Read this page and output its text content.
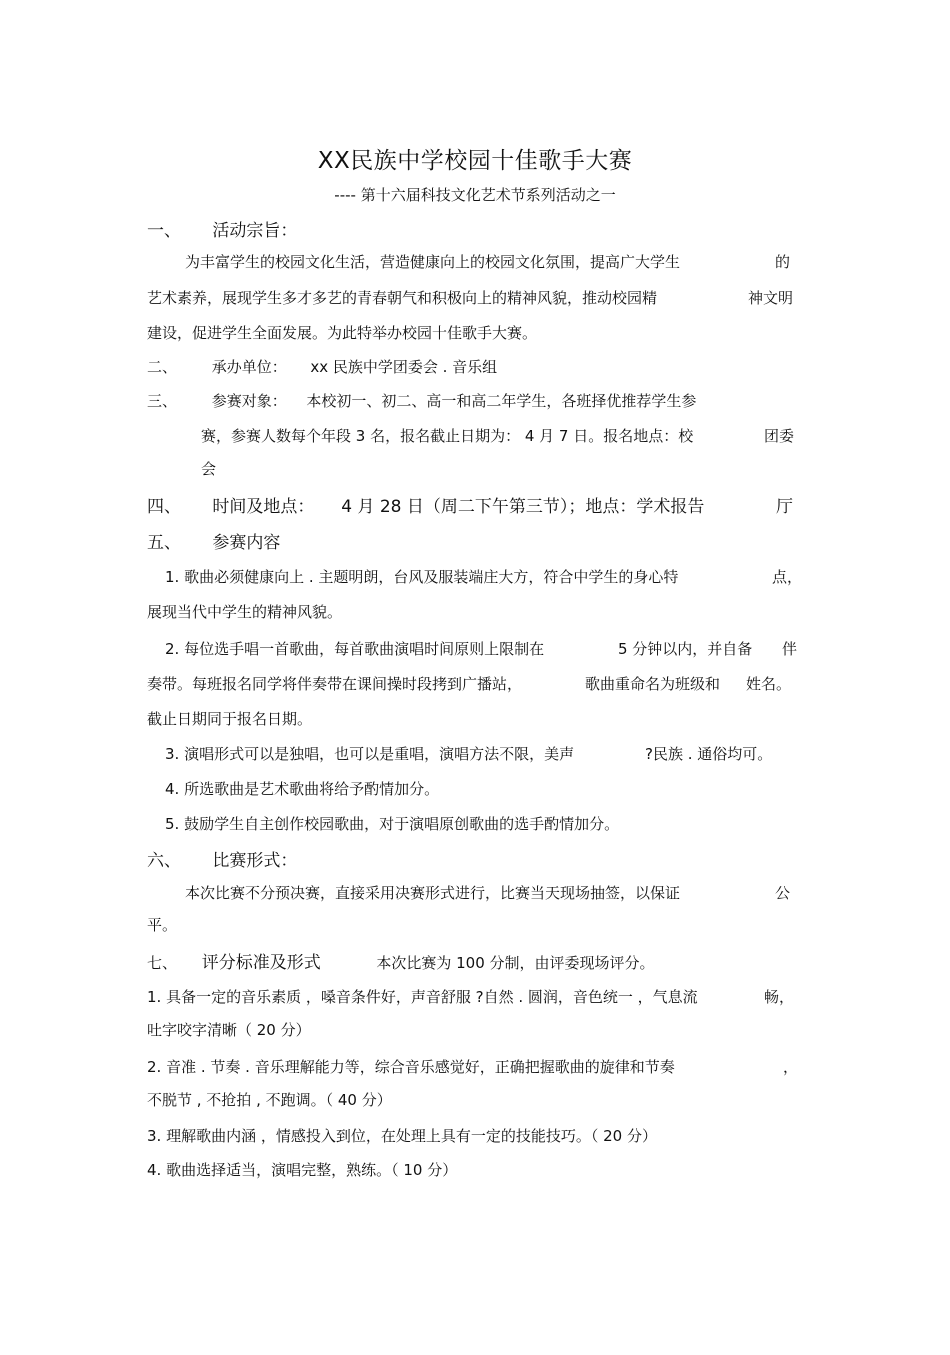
XX民族中学校园十佳歌手大赛
---- 第十六届科技文化艺术节系列活动之一
一、 活动宗旨：
为丰富学生的校园文化生活，营造健康向上的校园文化氛围，提高广大学生	的
艺术素养，展现学生多才多艺的青春朝气和积极向上的精神风貌，推动校园精	神文明
建设，促进学生全面发展。为此特举办校园十佳歌手大赛。
二、 承办单位： xx 民族中学团委会 . 音乐组
三、 参赛对象： 本校初一、初二、高一和高二年学生，各班择优推荐学生参
赛，参赛人数每个年段 3 名，报名截止日期为： 4 月 7 日。报名地点：校	团委
会
四、 时间及地点： 4 月 28 日（周二下午第三节）；地点：学术报告	厅
五、 参赛内容
1. 歌曲必须健康向上 . 主题明朗，台风及服装端庄大方，符合中学生的身心特	点，
展现当代中学生的精神风貌。
2. 每位选手唱一首歌曲，每首歌曲演唱时间原则上限制在	5 分钟以内，并自备 伴
奏带。每班报名同学将伴奏带在课间操时段拷到广播站，	歌曲重命名为班级和 姓名。
截止日期同于报名日期。
3. 演唱形式可以是独唱，也可以是重唱，演唱方法不限，美声	?民族 . 通俗均可。
4. 所选歌曲是艺术歌曲将给予酌情加分。
5. 鼓励学生自主创作校园歌曲，对于演唱原创歌曲的选手酌情加分。
六、 比赛形式：
本次比赛不分预决赛，直接采用决赛形式进行，比赛当天现场抽签，以保证	公
平。
七、 评分标准及形式	本次比赛为 100 分制，由评委现场评分。
1. 具备一定的音乐素质 ，嗓音条件好，声音舒服 ?自然 . 圆润，音色统一 ，气息流	畅，
吐字咬字清晰（ 20 分）
2. 音准 . 节奏 . 音乐理解能力等，综合音乐感觉好，正确把握歌曲的旋律和节奏	，
不脱节 , 不抢拍 , 不跑调。（ 40 分）
3. 理解歌曲内涵 ，情感投入到位，在处理上具有一定的技能技巧。（ 20 分）
4. 歌曲选择适当，演唱完整，熟练。（ 10 分）
